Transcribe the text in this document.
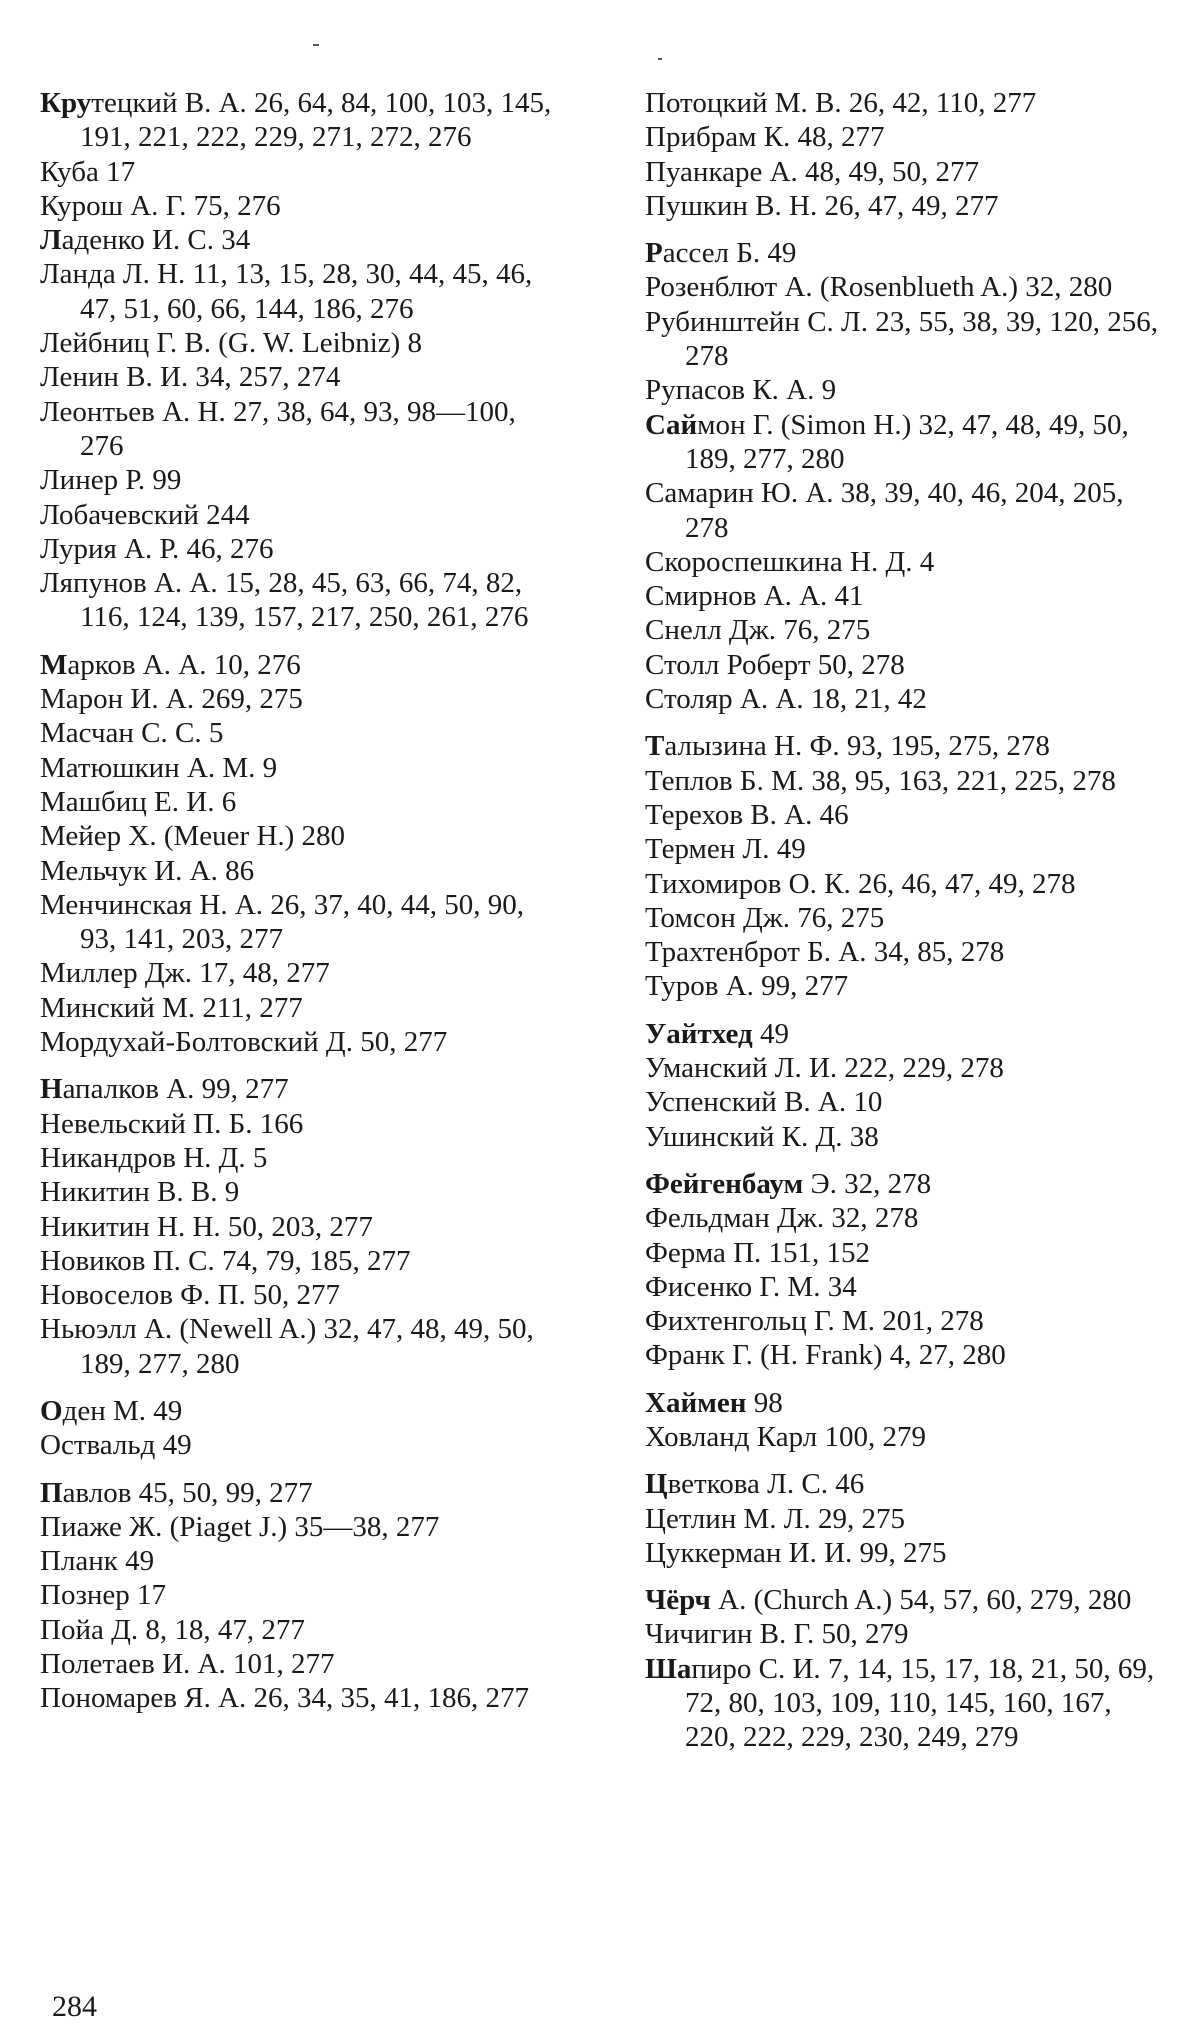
Крутецкий В. А. 26, 64, 84, 100, 103, 145, 191, 221, 222, 229, 271, 272, 276

Куба 17

Курош А. Г. 75, 276

Ладенко И. С. 34

Ланда Л. Н. 11, 13, 15, 28, 30, 44, 45, 46, 47, 51, 60, 66, 144, 186, 276

Лейбниц Г. В. (G. W. Leibniz) 8

Ленин В. И. 34, 257, 274

Леонтьев А. Н. 27, 38, 64, 93, 98—100, 276

Линер Р. 99

Лобачевский 244

Лурия А. Р. 46, 276

Ляпунов А. А. 15, 28, 45, 63, 66, 74, 82, 116, 124, 139, 157, 217, 250, 261, 276

Марков А. А. 10, 276

Марон И. А. 269, 275

Масчан С. С. 5

Матюшкин А. М. 9

Машбиц Е. И. 6

Мейер Х. (Meuer H.) 280

Мельчук И. А. 86

Менчинская Н. А. 26, 37, 40, 44, 50, 90, 93, 141, 203, 277

Миллер Дж. 17, 48, 277

Минский М. 211, 277

Мордухай-Болтовский Д. 50, 277

Напалков А. 99, 277

Невельский П. Б. 166

Никандров Н. Д. 5

Никитин В. В. 9

Никитин Н. Н. 50, 203, 277

Новиков П. С. 74, 79, 185, 277

Новоселов Ф. П. 50, 277

Ньюэлл А. (Newell A.) 32, 47, 48, 49, 50, 189, 277, 280

Оден М. 49

Оствальд 49

Павлов 45, 50, 99, 277

Пиаже Ж. (Piaget J.) 35—38, 277

Планк 49

Познер 17

Пойа Д. 8, 18, 47, 277

Полетаев И. А. 101, 277

Пономарев Я. А. 26, 34, 35, 41, 186, 277

Потоцкий М. В. 26, 42, 110, 277

Прибрам К. 48, 277

Пуанкаре А. 48, 49, 50, 277

Пушкин В. Н. 26, 47, 49, 277

Рассел Б. 49

Розенблют А. (Rosenblueth A.) 32, 280

Рубинштейн С. Л. 23, 55, 38, 39, 120, 256, 278

Рупасов К. А. 9

Саймон Г. (Simon H.) 32, 47, 48, 49, 50, 189, 277, 280

Самарин Ю. А. 38, 39, 40, 46, 204, 205, 278

Скороспешкина Н. Д. 4

Смирнов А. А. 41

Снелл Дж. 76, 275

Столл Роберт 50, 278

Столяр А. А. 18, 21, 42

Талызина Н. Ф. 93, 195, 275, 278

Теплов Б. М. 38, 95, 163, 221, 225, 278

Терехов В. А. 46

Термен Л. 49

Тихомиров О. К. 26, 46, 47, 49, 278

Томсон Дж. 76, 275

Трахтенброт Б. А. 34, 85, 278

Туров А. 99, 277

Уайтхед 49

Уманский Л. И. 222, 229, 278

Успенский В. А. 10

Ушинский К. Д. 38

Фейгенбаум Э. 32, 278

Фельдман Дж. 32, 278

Ферма П. 151, 152

Фисенко Г. М. 34

Фихтенгольц Г. М. 201, 278

Франк Г. (H. Frank) 4, 27, 280

Хаймен 98

Ховланд Карл 100, 279

Цветкова Л. С. 46

Цетлин М. Л. 29, 275

Цуккерман И. И. 99, 275

Чёрч А. (Church A.) 54, 57, 60, 279, 280

Чичигин В. Г. 50, 279

Шапиро С. И. 7, 14, 15, 17, 18, 21, 50, 69, 72, 80, 103, 109, 110, 145, 160, 167, 220, 222, 229, 230, 249, 279

284
